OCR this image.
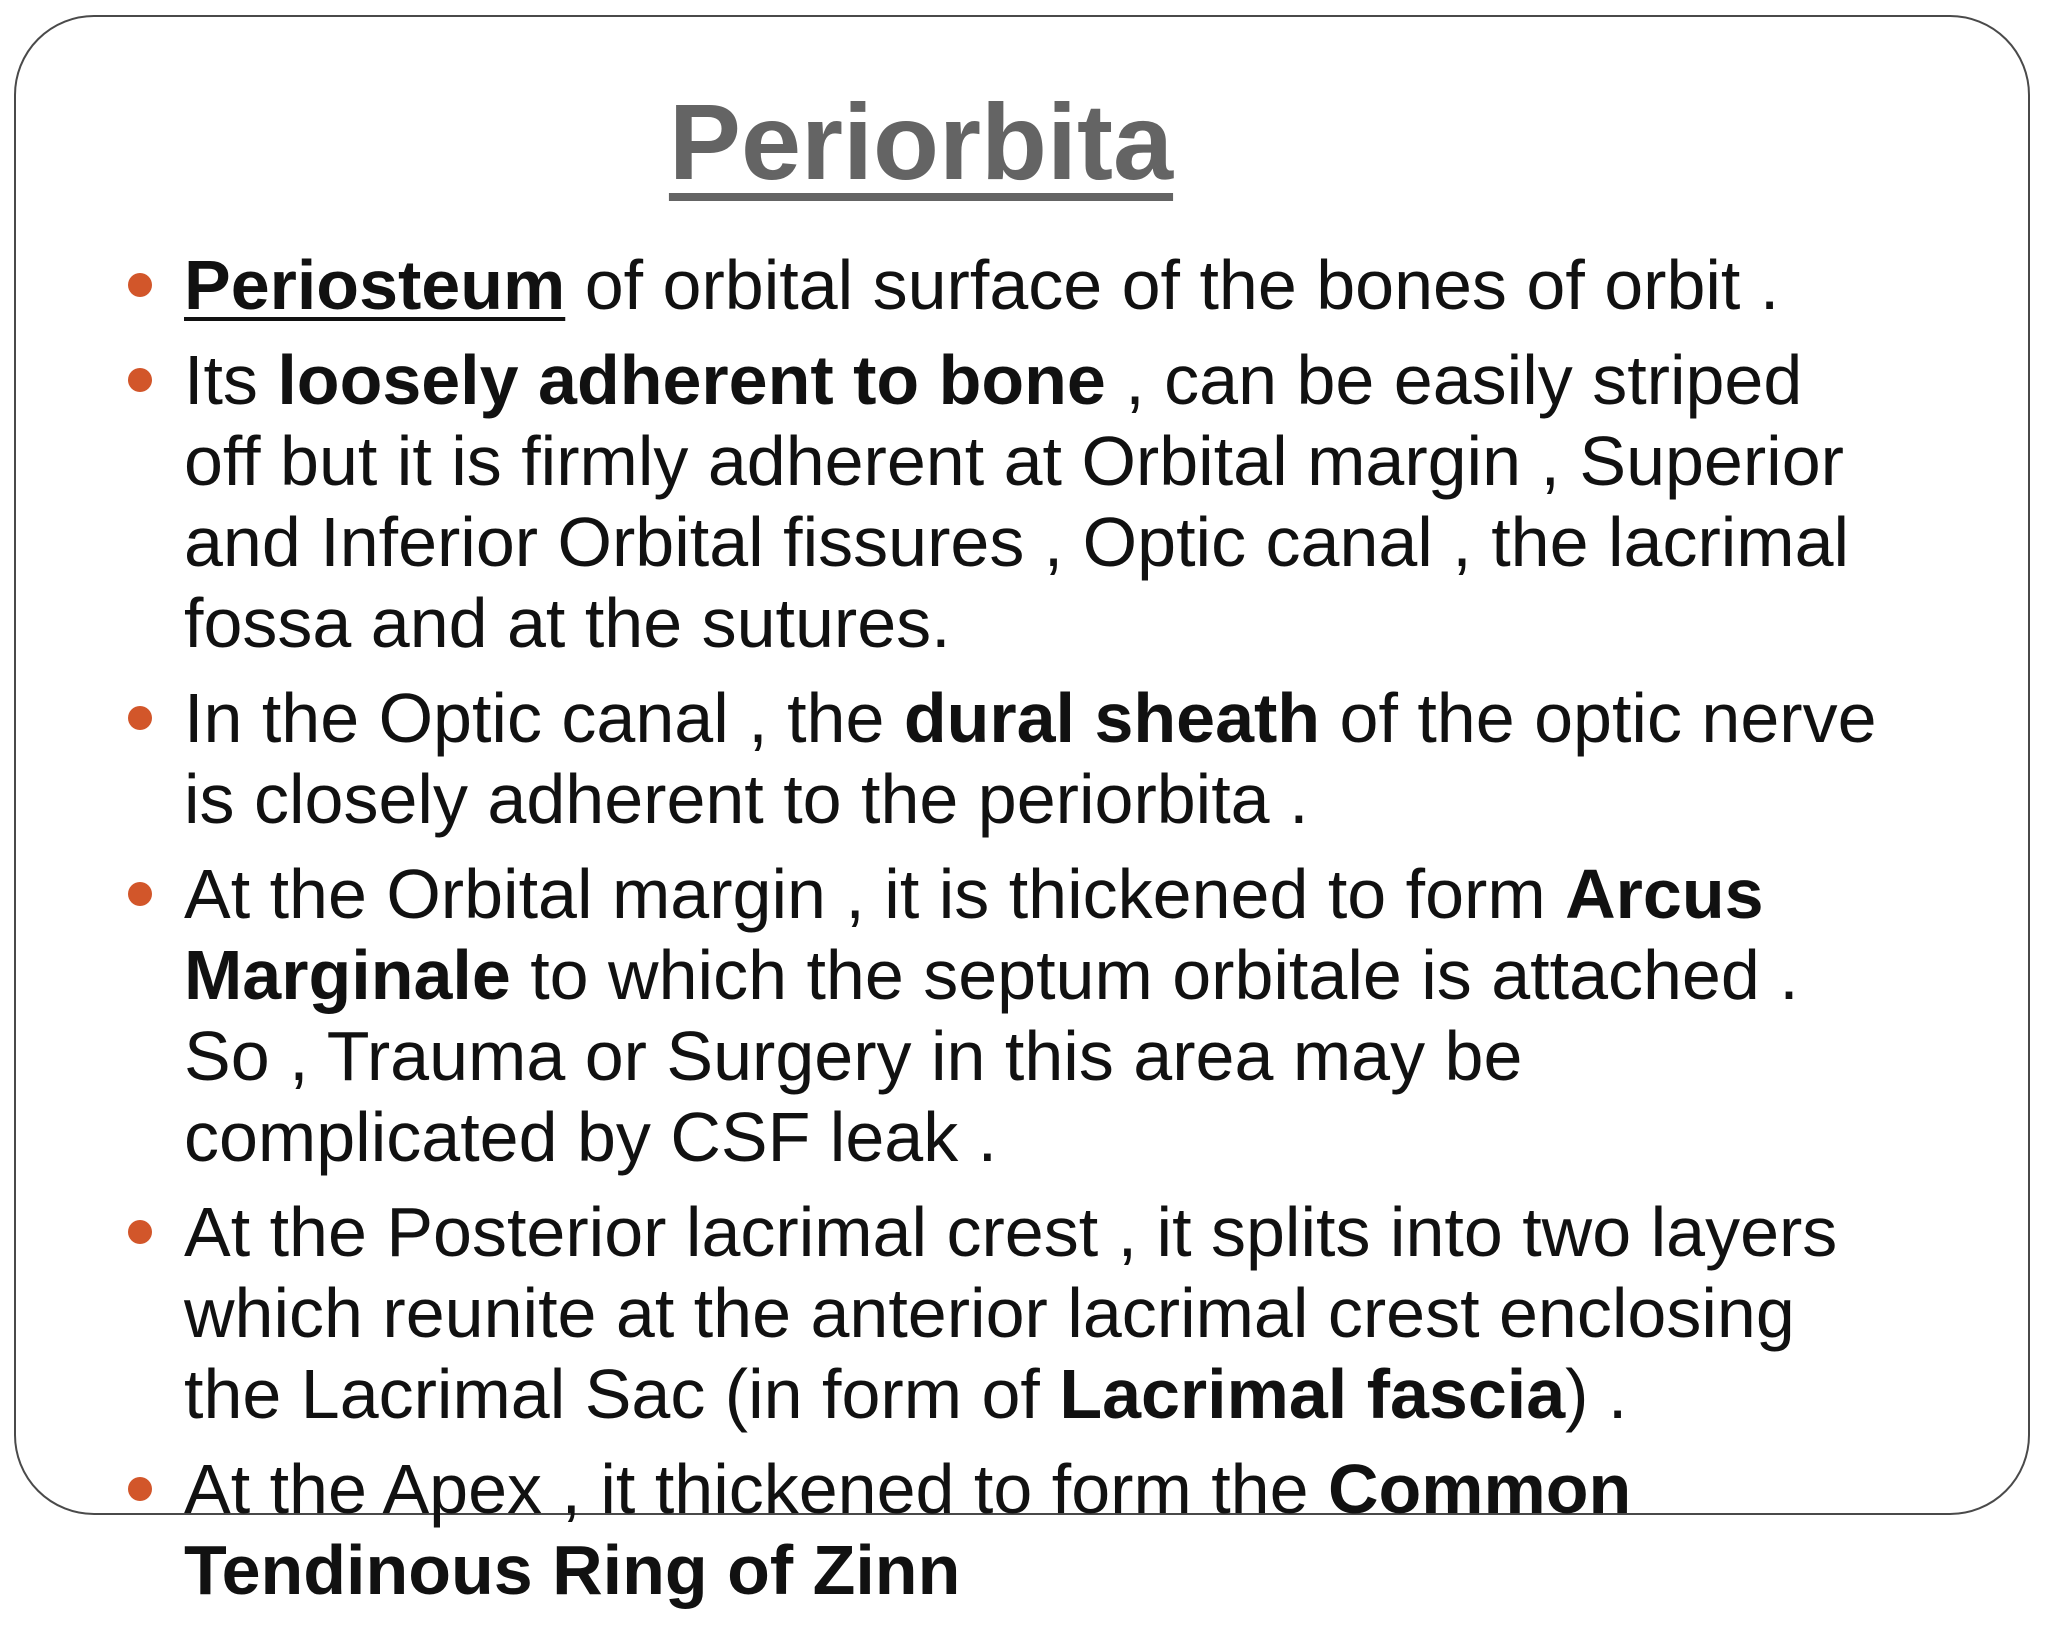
Periorbita
Periosteum of orbital surface of the bones of orbit .
Its loosely adherent to bone , can be easily striped
off but it is firmly adherent at Orbital margin , Superior
and Inferior Orbital fissures , Optic canal , the lacrimal
fossa and at the sutures.
In the Optic canal , the dural sheath of the optic nerve
is closely adherent to the periorbita .
At the Orbital margin , it is thickened to form Arcus
Marginale to which the septum orbitale is attached .
So , Trauma or Surgery in this area may be
complicated by CSF leak .
At the Posterior lacrimal crest , it splits into two layers
which reunite at the anterior lacrimal crest enclosing
the Lacrimal Sac (in form of Lacrimal fascia) .
At the Apex , it thickened to form the Common
Tendinous Ring of Zinn
